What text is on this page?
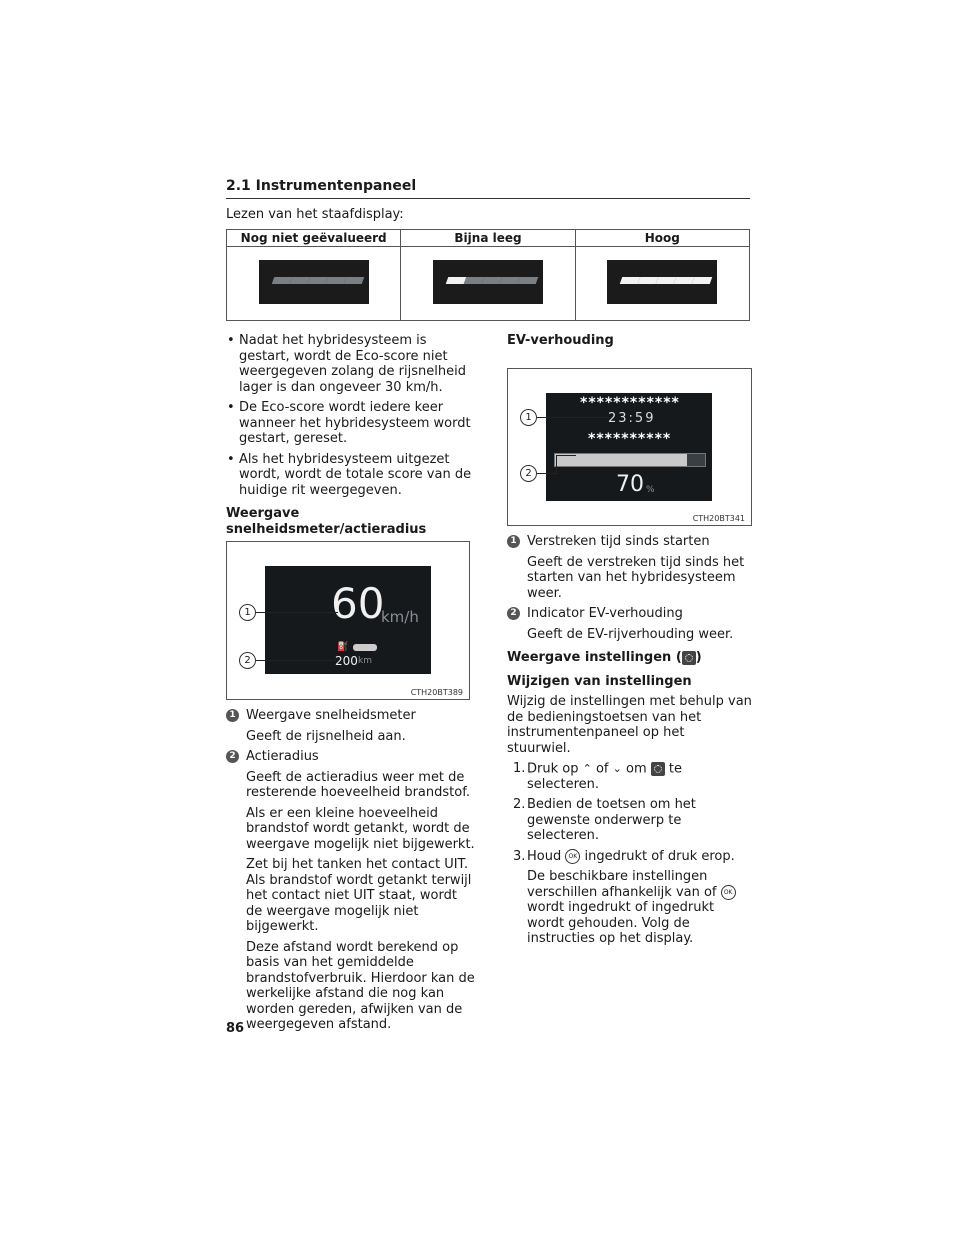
2.1 Instrumentenpaneel
Lezen van het staafdisplay:
Nog niet geëvalueerd	Bijna leeg	Hoog

• Nadat het hybridesysteem is gestart, wordt de Eco-score niet weergegeven zolang de rijsnelheid lager is dan ongeveer 30 km/h.

• De Eco-score wordt iedere keer wanneer het hybridesysteem wordt gestart, gereset.

• Als het hybridesysteem uitgezet wordt, wordt de totale score van de huidige rit weergegeven.

Weergave snelheidsmeter/actieradius

60
km/h
⛽
200 km
1
2
CTH20BT389

1 Weergave snelheidsmeter

Geeft de rijsnelheid aan.

2 Actieradius

Geeft de actieradius weer met de resterende hoeveelheid brandstof.

Als er een kleine hoeveelheid brandstof wordt getankt, wordt de weergave mogelijk niet bijgewerkt.

Zet bij het tanken het contact UIT. Als brandstof wordt getankt terwijl het contact niet UIT staat, wordt de weergave mogelijk niet bijgewerkt.

Deze afstand wordt berekend op basis van het gemiddelde brandstofverbruik. Hierdoor kan de werkelijke afstand die nog kan worden gereden, afwijken van de weergegeven afstand.

EV-verhouding
************
23:59
**********
70 %
1
2
CTH20BT341

1 Verstreken tijd sinds starten

Geeft de verstreken tijd sinds het starten van het hybridesysteem weer.

2 Indicator EV-verhouding

Geeft de EV-rijverhouding weer.

Weergave instellingen ( )

Wijzigen van instellingen

Wijzig de instellingen met behulp van de bedieningstoetsen van het instrumentenpaneel op het stuurwiel.

1. Druk op ⌃ of ⌄ om te selecteren.

2. Bedien de toetsen om het gewenste onderwerp te selecteren.

3. Houd OK ingedrukt of druk erop.

De beschikbare instellingen verschillen afhankelijk van of OK wordt ingedrukt of ingedrukt wordt gehouden. Volg de instructies op het display.

86
